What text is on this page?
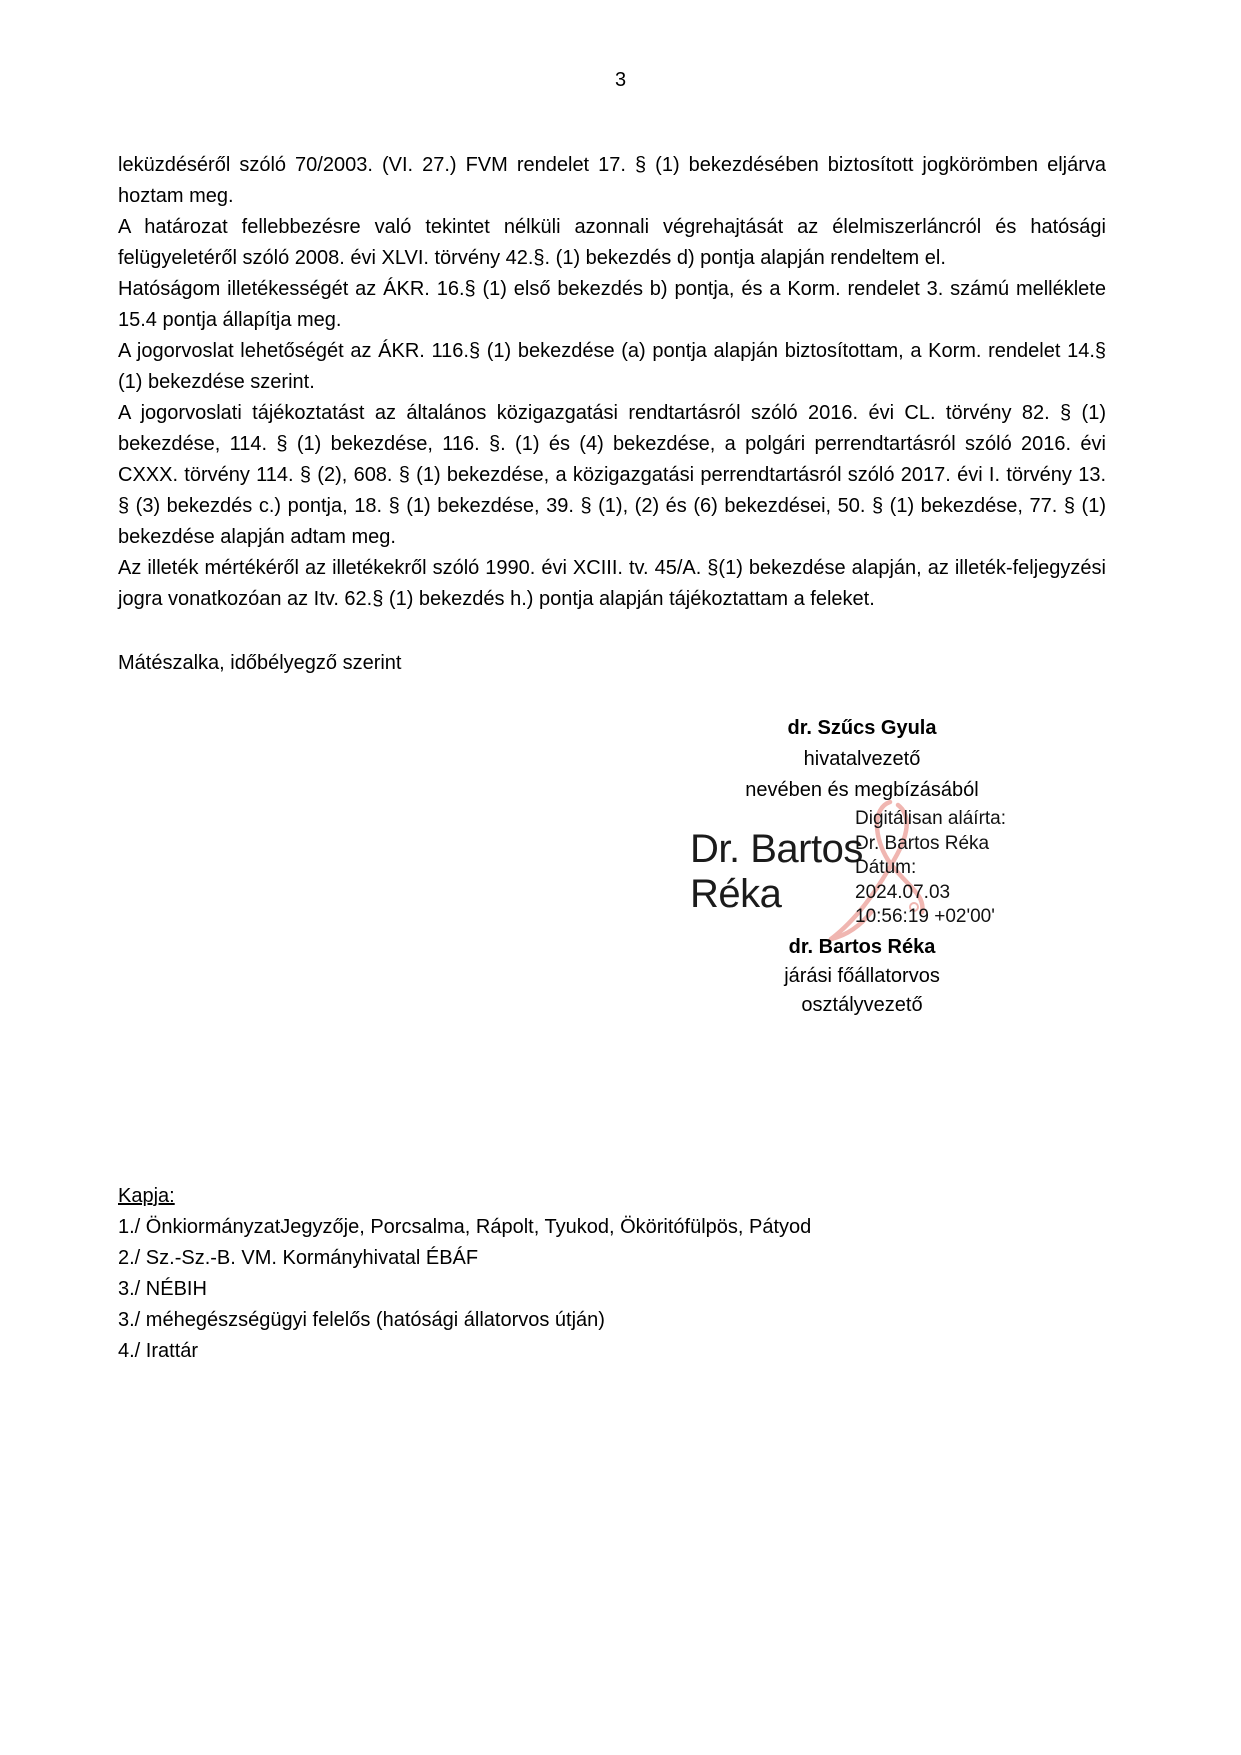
3

leküzdéséről szóló 70/2003. (VI. 27.) FVM rendelet 17. § (1) bekezdésében biztosított jogkörömben eljárva hoztam meg.

A határozat fellebbezésre való tekintet nélküli azonnali végrehajtását az élelmiszerláncról és hatósági felügyeletéről szóló 2008. évi XLVI. törvény 42.§. (1) bekezdés d) pontja alapján rendeltem el.

Hatóságom illetékességét az ÁKR. 16.§ (1) első bekezdés b) pontja, és a Korm. rendelet 3. számú melléklete 15.4 pontja állapítja meg.

A jogorvoslat lehetőségét az ÁKR. 116.§ (1) bekezdése (a) pontja alapján biztosítottam, a Korm. rendelet 14.§ (1) bekezdése szerint.

A jogorvoslati tájékoztatást az általános közigazgatási rendtartásról szóló 2016. évi CL. törvény 82. § (1) bekezdése, 114. § (1) bekezdése, 116. §. (1) és (4) bekezdése, a polgári perrendtartásról szóló 2016. évi CXXX. törvény 114. § (2), 608. § (1) bekezdése, a közigazgatási perrendtartásról szóló 2017. évi I. törvény 13. § (3) bekezdés c.) pontja, 18. § (1) bekezdése, 39. § (1), (2) és (6) bekezdései, 50. § (1) bekezdése, 77. § (1) bekezdése alapján adtam meg.

Az illeték mértékéről az illetékekről szóló 1990. évi XCIII. tv. 45/A. §(1) bekezdése alapján, az illeték-feljegyzési jogra vonatkozóan az Itv. 62.§ (1) bekezdés h.) pontja alapján tájékoztattam a feleket.

Mátészalka, időbélyegző szerint
dr. Szűcs Gyula
hivatalvezető
nevében és megbízásából
Dr. Bartos
Réka
Digitálisan aláírta:
Dr. Bartos Réka
Dátum:
2024.07.03
10:56:19 +02'00'
dr. Bartos Réka
járási főállatorvos
osztályvezető
Kapja:
1./ ÖnkiormányzatJegyzője, Porcsalma, Rápolt, Tyukod, Ököritófülpös, Pátyod
2./ Sz.-Sz.-B. VM. Kormányhivatal ÉBÁF
3./ NÉBIH
3./ méhegészségügyi felelős (hatósági állatorvos útján)
4./ Irattár
